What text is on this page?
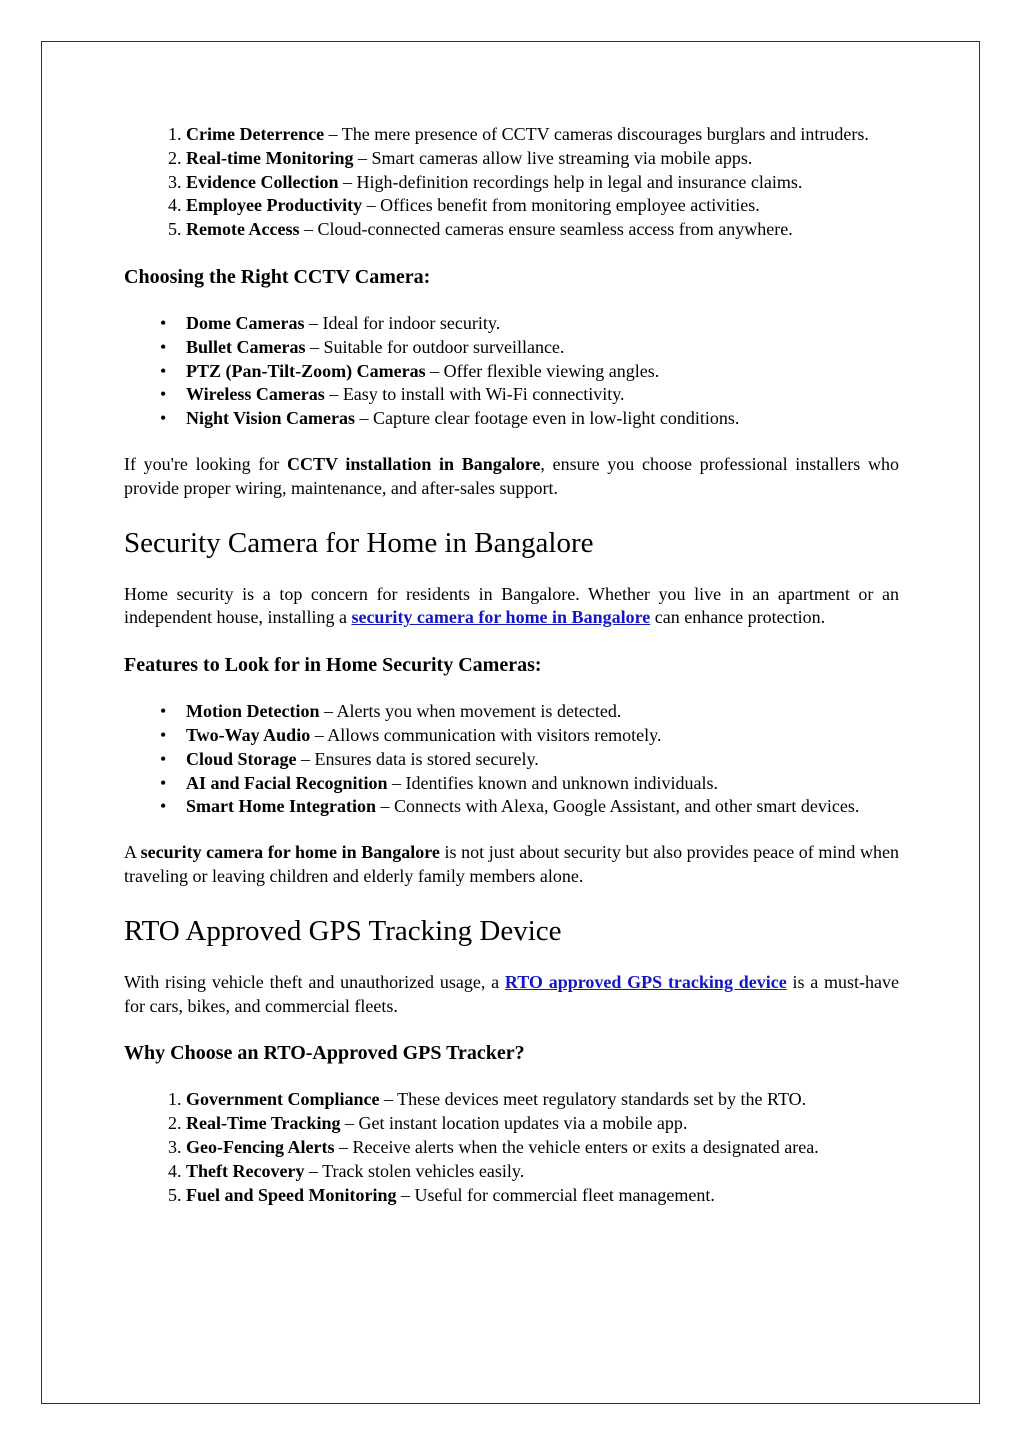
1. Crime Deterrence – The mere presence of CCTV cameras discourages burglars and intruders.
2. Real-time Monitoring – Smart cameras allow live streaming via mobile apps.
3. Evidence Collection – High-definition recordings help in legal and insurance claims.
4. Employee Productivity – Offices benefit from monitoring employee activities.
5. Remote Access – Cloud-connected cameras ensure seamless access from anywhere.
Choosing the Right CCTV Camera:
• Dome Cameras – Ideal for indoor security.
• Bullet Cameras – Suitable for outdoor surveillance.
• PTZ (Pan-Tilt-Zoom) Cameras – Offer flexible viewing angles.
• Wireless Cameras – Easy to install with Wi-Fi connectivity.
• Night Vision Cameras – Capture clear footage even in low-light conditions.

If you're looking for CCTV installation in Bangalore, ensure you choose professional installers who provide proper wiring, maintenance, and after-sales support.

Security Camera for Home in Bangalore

Home security is a top concern for residents in Bangalore. Whether you live in an apartment or an independent house, installing a security camera for home in Bangalore can enhance protection.

Features to Look for in Home Security Cameras:
• Motion Detection – Alerts you when movement is detected.
• Two-Way Audio – Allows communication with visitors remotely.
• Cloud Storage – Ensures data is stored securely.
• AI and Facial Recognition – Identifies known and unknown individuals.
• Smart Home Integration – Connects with Alexa, Google Assistant, and other smart devices.

A security camera for home in Bangalore is not just about security but also provides peace of mind when traveling or leaving children and elderly family members alone.

RTO Approved GPS Tracking Device

With rising vehicle theft and unauthorized usage, a RTO approved GPS tracking device is a must-have for cars, bikes, and commercial fleets.

Why Choose an RTO-Approved GPS Tracker?
1. Government Compliance – These devices meet regulatory standards set by the RTO.
2. Real-Time Tracking – Get instant location updates via a mobile app.
3. Geo-Fencing Alerts – Receive alerts when the vehicle enters or exits a designated area.
4. Theft Recovery – Track stolen vehicles easily.
5. Fuel and Speed Monitoring – Useful for commercial fleet management.
